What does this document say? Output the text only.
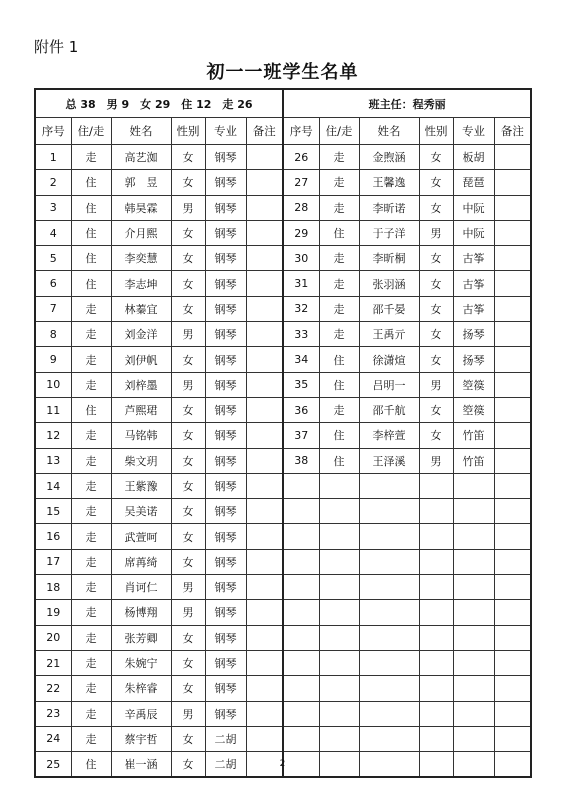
附件 1
初一一班学生名单
总 38　男 9　女 29　住 12　走 26						班主任：程秀丽					
序号	住/走	姓名	性别	专业	备注	序号	住/走	姓名	性别	专业	备注
1	走	高艺洳	女	钢琴		26	走	金煦涵	女	板胡	
2	住	郭　昱	女	钢琴		27	走	王馨逸	女	琵琶	
3	住	韩昊霖	男	钢琴		28	走	李昕诺	女	中阮	
4	住	介月熙	女	钢琴		29	住	于子洋	男	中阮	
5	住	李奕慧	女	钢琴		30	走	李昕桐	女	古筝	
6	住	李志坤	女	钢琴		31	走	张羽涵	女	古筝	
7	走	林蓁宜	女	钢琴		32	走	邵千晏	女	古筝	
8	走	刘金洋	男	钢琴		33	走	王禹亓	女	扬琴	
9	走	刘伊帆	女	钢琴		34	住	徐潇煊	女	扬琴	
10	走	刘梓墨	男	钢琴		35	住	吕明一	男	箜篌	
11	住	芦熙珺	女	钢琴		36	走	邵千航	女	箜篌	
12	走	马铭韩	女	钢琴		37	住	李梓萱	女	竹笛	
13	走	柴文玥	女	钢琴		38	住	王泽溪	男	竹笛	
14	走	王紫豫	女	钢琴							
15	走	吴美诺	女	钢琴							
16	走	武萱呵	女	钢琴							
17	走	席苒绮	女	钢琴							
18	走	肖诃仁	男	钢琴							
19	走	杨博翔	男	钢琴							
20	走	张芳卿	女	钢琴							
21	走	朱婉宁	女	钢琴							
22	走	朱梓睿	女	钢琴							
23	走	辛禹辰	男	钢琴							
24	走	蔡宇哲	女	二胡							
25	住	崔一涵	女	二胡								2
